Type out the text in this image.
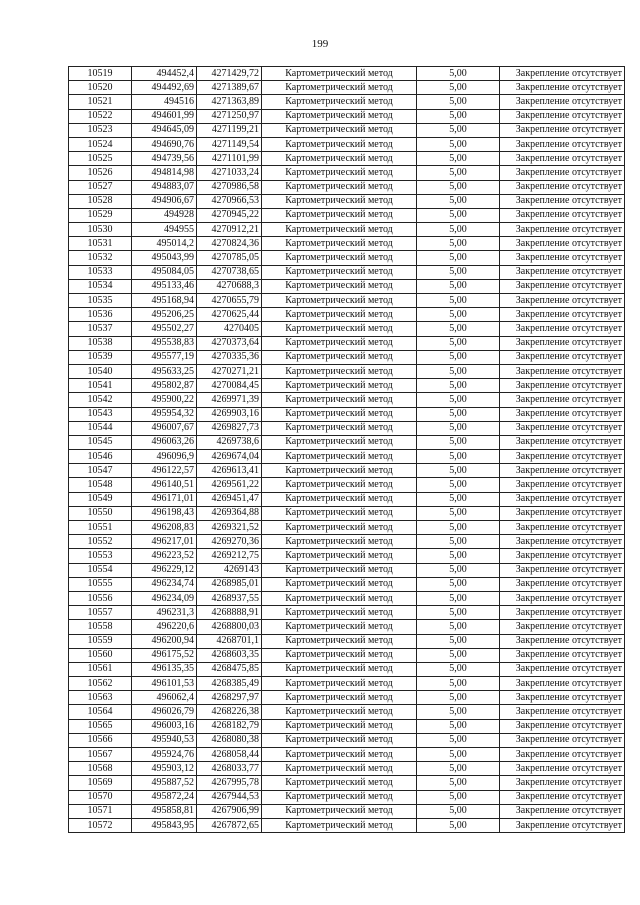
199
10519	494452,4	4271429,72	Картометрический метод	5,00	Закрепление отсутствует
10520	494492,69	4271389,67	Картометрический метод	5,00	Закрепление отсутствует
10521	494516	4271363,89	Картометрический метод	5,00	Закрепление отсутствует
10522	494601,99	4271250,97	Картометрический метод	5,00	Закрепление отсутствует
10523	494645,09	4271199,21	Картометрический метод	5,00	Закрепление отсутствует
10524	494690,76	4271149,54	Картометрический метод	5,00	Закрепление отсутствует
10525	494739,56	4271101,99	Картометрический метод	5,00	Закрепление отсутствует
10526	494814,98	4271033,24	Картометрический метод	5,00	Закрепление отсутствует
10527	494883,07	4270986,58	Картометрический метод	5,00	Закрепление отсутствует
10528	494906,67	4270966,53	Картометрический метод	5,00	Закрепление отсутствует
10529	494928	4270945,22	Картометрический метод	5,00	Закрепление отсутствует
10530	494955	4270912,21	Картометрический метод	5,00	Закрепление отсутствует
10531	495014,2	4270824,36	Картометрический метод	5,00	Закрепление отсутствует
10532	495043,99	4270785,05	Картометрический метод	5,00	Закрепление отсутствует
10533	495084,05	4270738,65	Картометрический метод	5,00	Закрепление отсутствует
10534	495133,46	4270688,3	Картометрический метод	5,00	Закрепление отсутствует
10535	495168,94	4270655,79	Картометрический метод	5,00	Закрепление отсутствует
10536	495206,25	4270625,44	Картометрический метод	5,00	Закрепление отсутствует
10537	495502,27	4270405	Картометрический метод	5,00	Закрепление отсутствует
10538	495538,83	4270373,64	Картометрический метод	5,00	Закрепление отсутствует
10539	495577,19	4270335,36	Картометрический метод	5,00	Закрепление отсутствует
10540	495633,25	4270271,21	Картометрический метод	5,00	Закрепление отсутствует
10541	495802,87	4270084,45	Картометрический метод	5,00	Закрепление отсутствует
10542	495900,22	4269971,39	Картометрический метод	5,00	Закрепление отсутствует
10543	495954,32	4269903,16	Картометрический метод	5,00	Закрепление отсутствует
10544	496007,67	4269827,73	Картометрический метод	5,00	Закрепление отсутствует
10545	496063,26	4269738,6	Картометрический метод	5,00	Закрепление отсутствует
10546	496096,9	4269674,04	Картометрический метод	5,00	Закрепление отсутствует
10547	496122,57	4269613,41	Картометрический метод	5,00	Закрепление отсутствует
10548	496140,51	4269561,22	Картометрический метод	5,00	Закрепление отсутствует
10549	496171,01	4269451,47	Картометрический метод	5,00	Закрепление отсутствует
10550	496198,43	4269364,88	Картометрический метод	5,00	Закрепление отсутствует
10551	496208,83	4269321,52	Картометрический метод	5,00	Закрепление отсутствует
10552	496217,01	4269270,36	Картометрический метод	5,00	Закрепление отсутствует
10553	496223,52	4269212,75	Картометрический метод	5,00	Закрепление отсутствует
10554	496229,12	4269143	Картометрический метод	5,00	Закрепление отсутствует
10555	496234,74	4268985,01	Картометрический метод	5,00	Закрепление отсутствует
10556	496234,09	4268937,55	Картометрический метод	5,00	Закрепление отсутствует
10557	496231,3	4268888,91	Картометрический метод	5,00	Закрепление отсутствует
10558	496220,6	4268800,03	Картометрический метод	5,00	Закрепление отсутствует
10559	496200,94	4268701,1	Картометрический метод	5,00	Закрепление отсутствует
10560	496175,52	4268603,35	Картометрический метод	5,00	Закрепление отсутствует
10561	496135,35	4268475,85	Картометрический метод	5,00	Закрепление отсутствует
10562	496101,53	4268385,49	Картометрический метод	5,00	Закрепление отсутствует
10563	496062,4	4268297,97	Картометрический метод	5,00	Закрепление отсутствует
10564	496026,79	4268226,38	Картометрический метод	5,00	Закрепление отсутствует
10565	496003,16	4268182,79	Картометрический метод	5,00	Закрепление отсутствует
10566	495940,53	4268080,38	Картометрический метод	5,00	Закрепление отсутствует
10567	495924,76	4268058,44	Картометрический метод	5,00	Закрепление отсутствует
10568	495903,12	4268033,77	Картометрический метод	5,00	Закрепление отсутствует
10569	495887,52	4267995,78	Картометрический метод	5,00	Закрепление отсутствует
10570	495872,24	4267944,53	Картометрический метод	5,00	Закрепление отсутствует
10571	495858,81	4267906,99	Картометрический метод	5,00	Закрепление отсутствует
10572	495843,95	4267872,65	Картометрический метод	5,00	Закрепление отсутствует
